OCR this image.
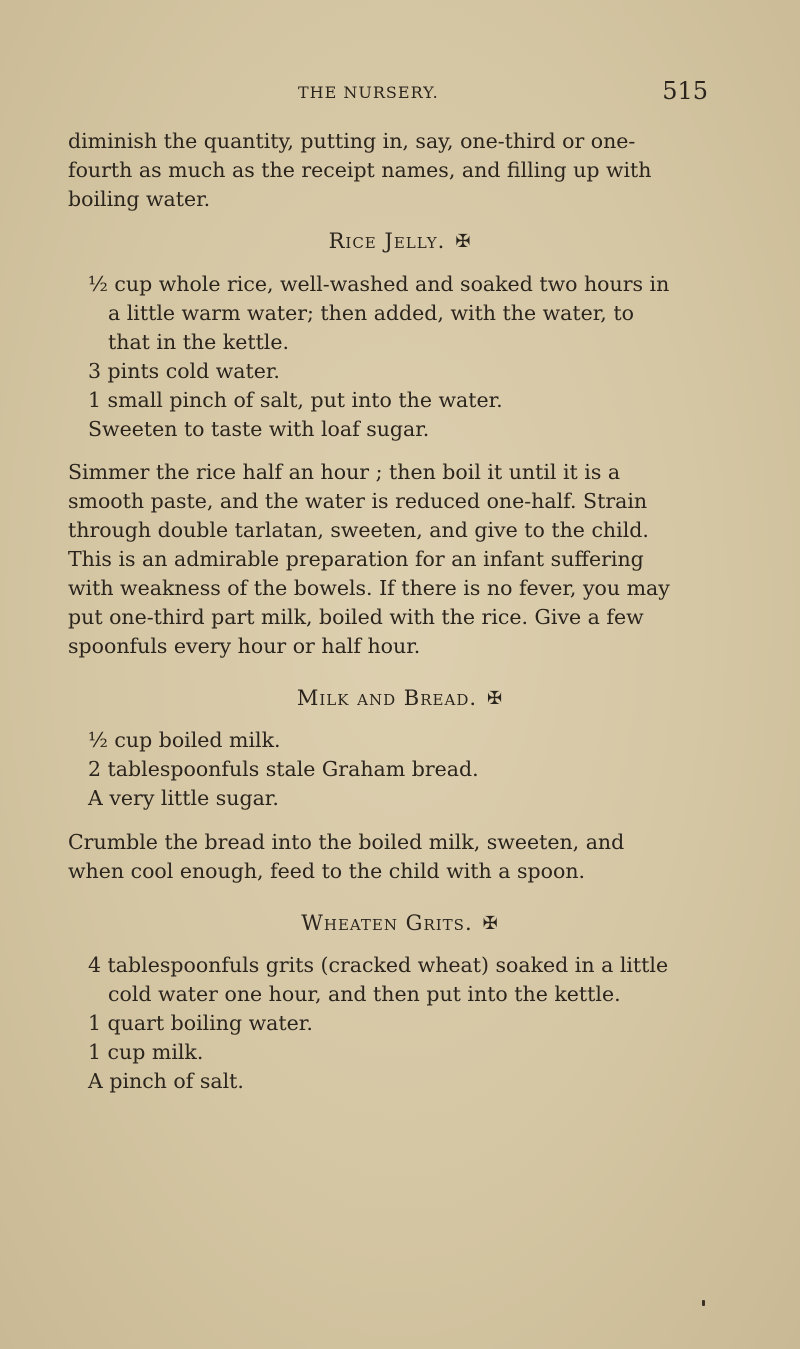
THE NURSERY.	515
diminish the quantity, putting in, say, one-third or one-
fourth as much as the receipt names, and filling up with
boiling water.
Rice Jelly. ✠
½ cup whole rice, well-washed and soaked two hours in
a little warm water; then added, with the water, to
that in the kettle.
3 pints cold water.
1 small pinch of salt, put into the water.
Sweeten to taste with loaf sugar.
Simmer the rice half an hour ; then boil it until it is a
smooth paste, and the water is reduced one-half. Strain
through double tarlatan, sweeten, and give to the child.
This is an admirable preparation for an infant suffering
with weakness of the bowels. If there is no fever, you may
put one-third part milk, boiled with the rice. Give a few
spoonfuls every hour or half hour.
Milk and Bread. ✠
½ cup boiled milk.
2 tablespoonfuls stale Graham bread.
A very little sugar.
Crumble the bread into the boiled milk, sweeten, and
when cool enough, feed to the child with a spoon.
Wheaten Grits. ✠
4 tablespoonfuls grits (cracked wheat) soaked in a little
cold water one hour, and then put into the kettle.
1 quart boiling water.
1 cup milk.
A pinch of salt.
